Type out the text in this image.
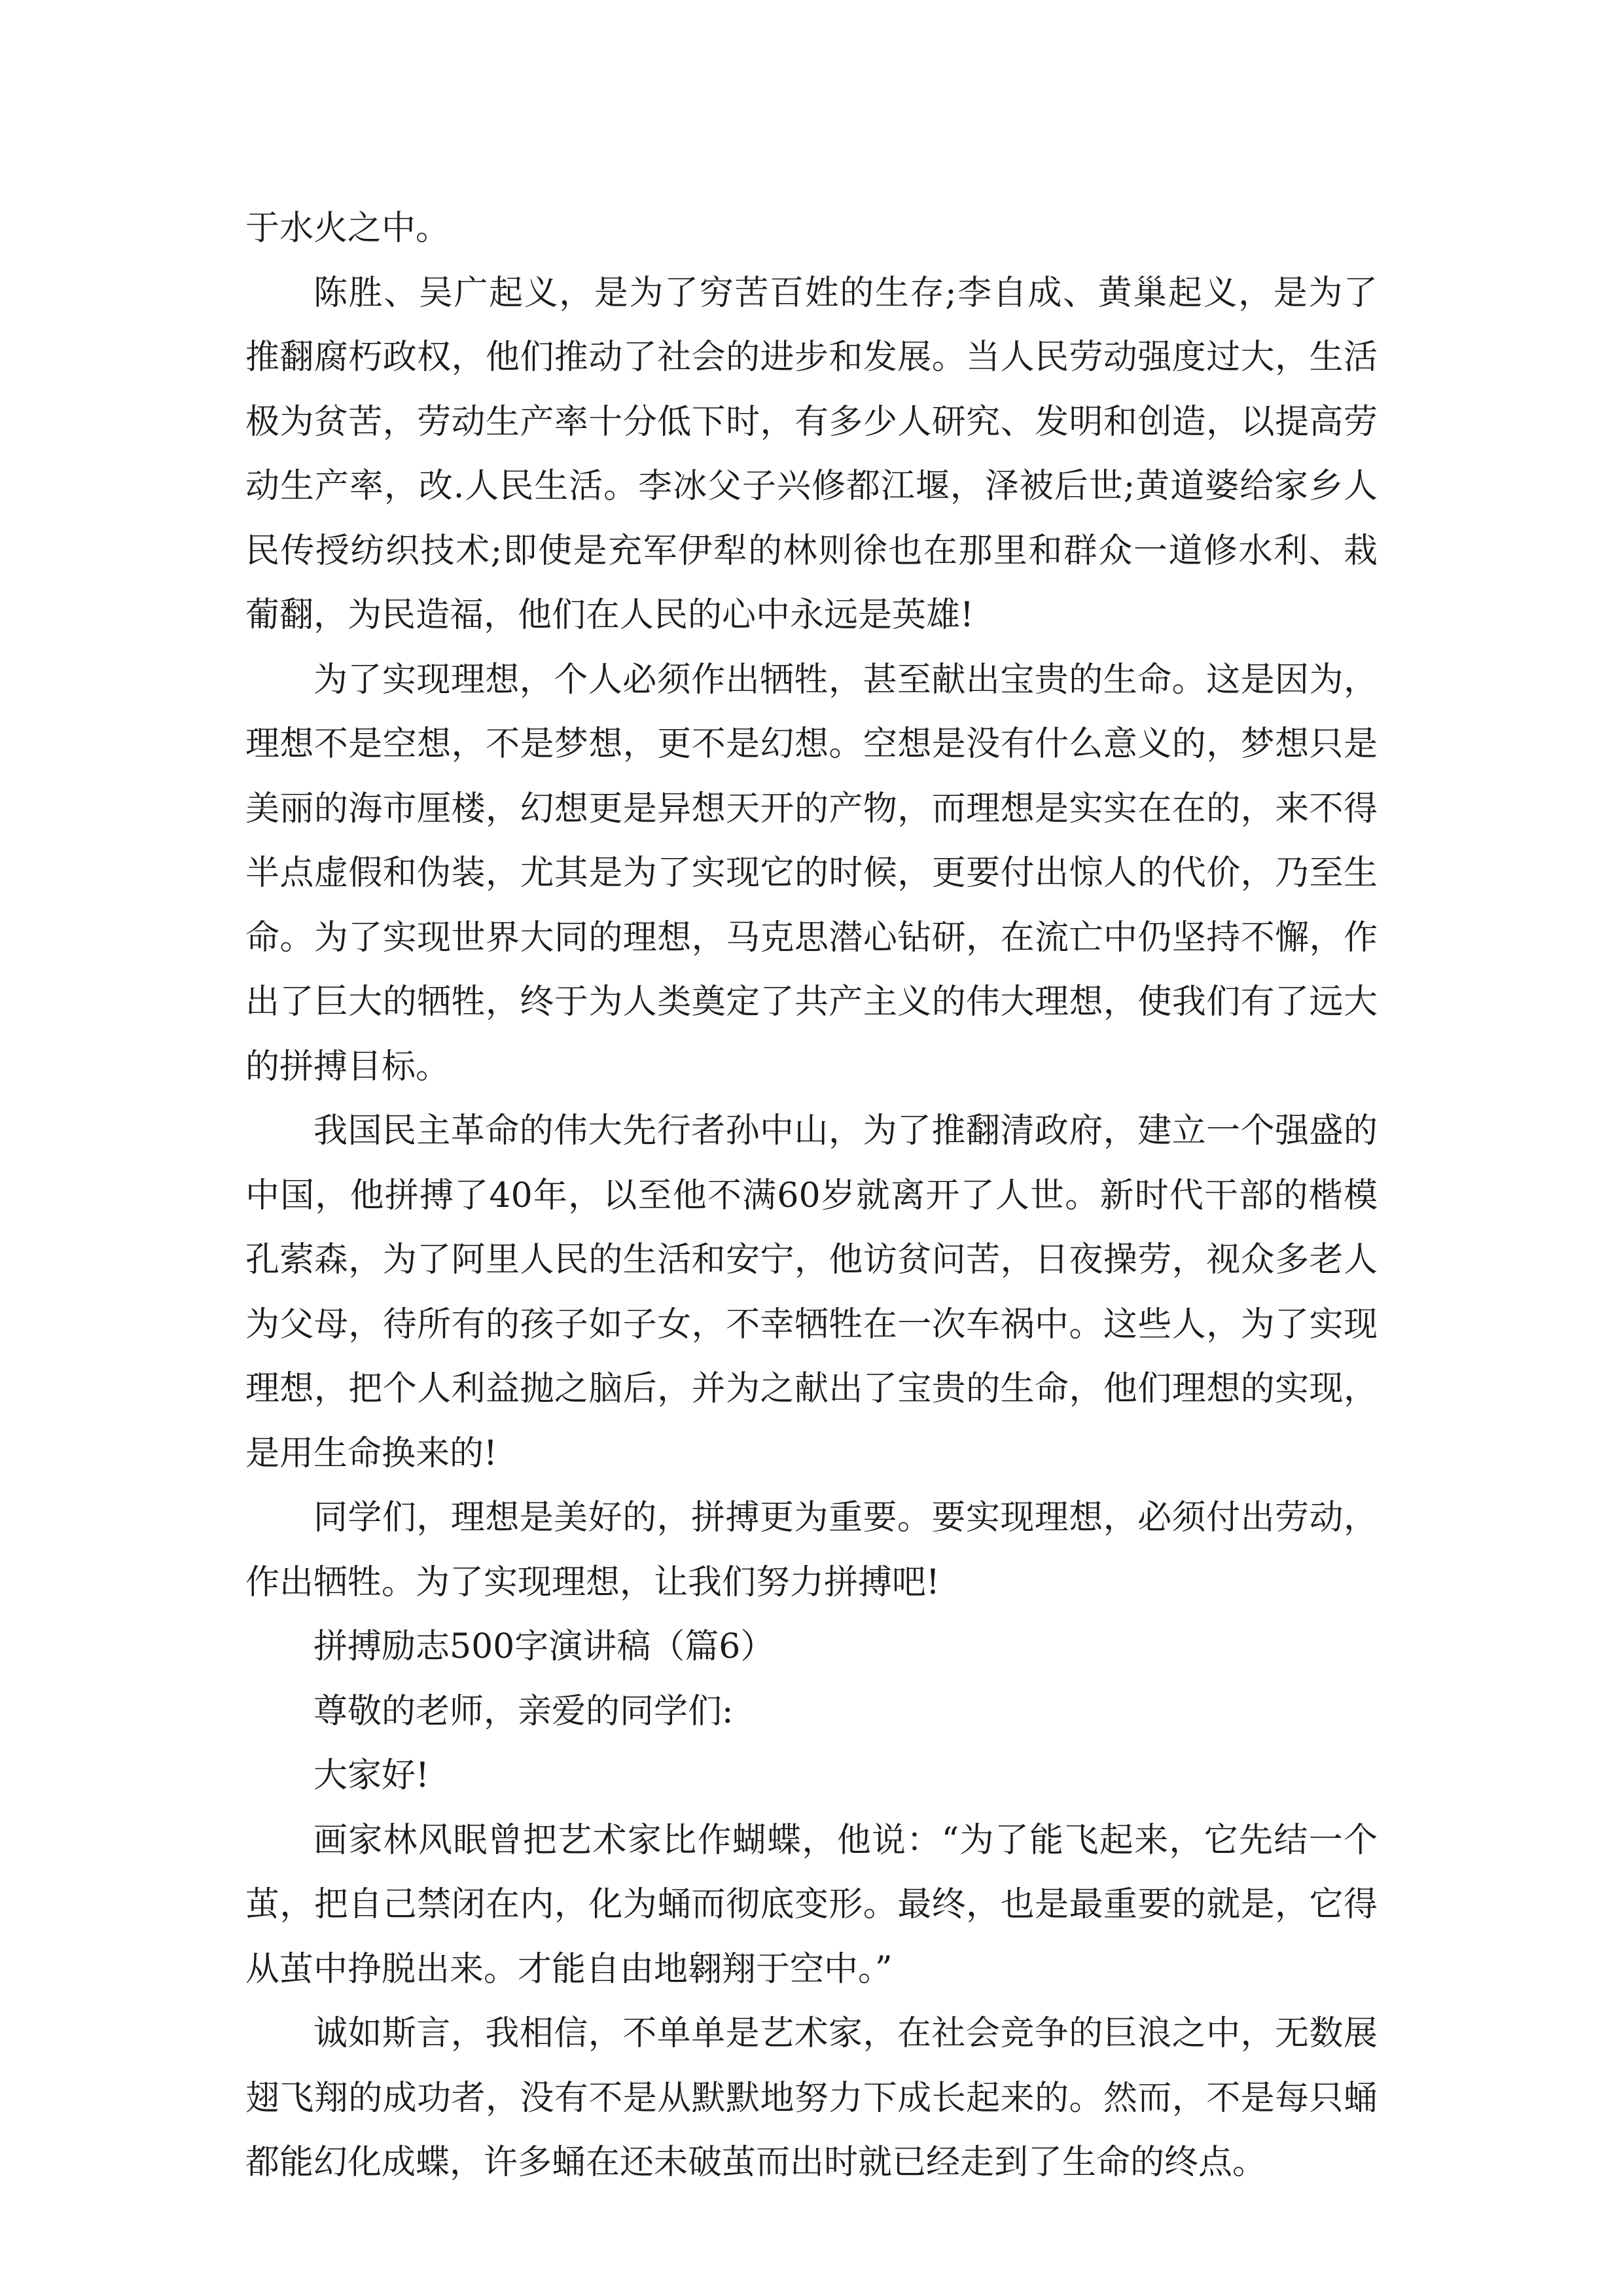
于水火之中。

陈胜、吴广起义，是为了穷苦百姓的生存;李自成、黄巢起义，是为了推翻腐朽政权，他们推动了社会的进步和发展。当人民劳动强度过大，生活极为贫苦，劳动生产率十分低下时，有多少人研究、发明和创造，以提高劳动生产率，改.人民生活。李冰父子兴修都江堰，泽被后世;黄道婆给家乡人民传授纺织技术;即使是充军伊犁的林则徐也在那里和群众一道修水利、栽葡翻，为民造福，他们在人民的心中永远是英雄!

为了实现理想，个人必须作出牺牲，甚至献出宝贵的生命。这是因为，理想不是空想，不是梦想，更不是幻想。空想是没有什么意义的，梦想只是美丽的海市厘楼，幻想更是异想天开的产物，而理想是实实在在的，来不得半点虚假和伪装，尤其是为了实现它的时候，更要付出惊人的代价，乃至生命。为了实现世界大同的理想，马克思潜心钻研，在流亡中仍坚持不懈，作出了巨大的牺牲，终于为人类奠定了共产主义的伟大理想，使我们有了远大的拼搏目标。

我国民主革命的伟大先行者孙中山，为了推翻清政府，建立一个强盛的中国，他拼搏了40年，以至他不满60岁就离开了人世。新时代干部的楷模孔萦森，为了阿里人民的生活和安宁，他访贫问苦，日夜操劳，视众多老人为父母，待所有的孩子如子女，不幸牺牲在一次车祸中。这些人，为了实现理想，把个人利益抛之脑后，并为之献出了宝贵的生命，他们理想的实现，是用生命换来的!

同学们，理想是美好的，拼搏更为重要。要实现理想，必须付出劳动，作出牺牲。为了实现理想，让我们努力拼搏吧!

拼搏励志500字演讲稿（篇6）

尊敬的老师，亲爱的同学们:

大家好!

画家林风眠曾把艺术家比作蝴蝶，他说：“为了能飞起来，它先结一个茧，把自己禁闭在内，化为蛹而彻底变形。最终，也是最重要的就是，它得从茧中挣脱出来。才能自由地翱翔于空中。”

诚如斯言，我相信，不单单是艺术家，在社会竞争的巨浪之中，无数展翅飞翔的成功者，没有不是从默默地努力下成长起来的。然而，不是每只蛹都能幻化成蝶，许多蛹在还未破茧而出时就已经走到了生命的终点。
